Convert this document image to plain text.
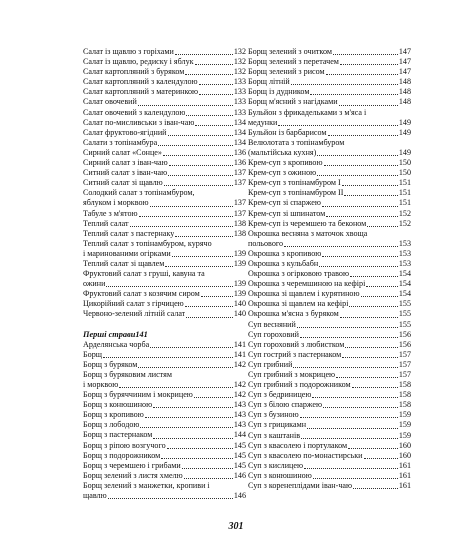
Салат із щавлю з горіхами	132
Салат із щавлю, редиску і яблук	132
Салат картопляний з буряком	132
Салат картопляний з календулою	133
Салат картопляний з материнкою	133
Салат овочевий	133
Салат овочевий з календулою	133
Салат по-мисливськи з іван-чаю	134
Салат фруктово-ягідний	134
Салати з топінамбура	134
Сирний салат «Сонце»	136
Сирний салат з іван-чаю	136
Ситний салат з іван-чаю	137
Ситний салат зі щавлю	137
Солодкий салат з топінамбуром,
яблуком і морквою	137
Табуле з м'ятою	137
Теплий салат	138
Теплий салат з пастернаку	138
Теплий салат з топінамбуром, курячо
і маринованими огірками	139
Теплий салат зі щавлем	139
Фруктовий салат з груші, кавуна та
ожини	139
Фруктовий салат з козячим сиром	139
Цикорійний салат з гірчицею	140
Червоно-зелений літній салат	140
Перші страви 141
Арделянська чорба	141
Борщ	141
Борщ з буряком	142
Борщ з буряковим листям
і морквою	142
Борщ з буряччиним і мокрицею	142
Борщ з конюшиною	143
Борщ з кропивою	143
Борщ з лободою	143
Борщ з пастернаком	144
Борщ з ріпою возгучого	145
Борщ з подорожником	145
Борщ з черемшею і грибами	145
Борщ зелений з листя хмелю	146
Борщ зелений з манжетки, кропиви і
щавлю	146
Борщ зелений з очитком	147
Борщ зелений з перетачем	147
Борщ зелений з рисом	147
Борщ літній	148
Борщ із дудником	148
Борщ м'ясний з нагідками	148
Бульйон з фрикадельками з м'яса і
медунки	149
Бульйон із барбарисом	149
Велюлотата з топінамбуром
(мальтійська кухня)	149
Крем-суп з кропивою	150
Крем-суп з ожиною	150
Крем-суп з топінамбуром I	151
Крем-суп з топінамбуром II	151
Крем-суп зі спаржею	151
Крем-суп зі шпинатом	152
Крем-суп із черемшею та беконом	152
Окрошка весняна з маточок хвоща
польового	153
Окрошка з кропивою	153
Окрошка з кульбабн	153
Окрошка з огірковою травою	154
Окрошка з черемшиною на кефірі	154
Окрошка зі щавлем і курятиною	154
Окрошка зі щавлем на кефірі	155
Окрошка м'ясна з буряком	155
Суп весняний	155
Суп гороховий	156
Суп гороховий з любистком	156
Суп гострий з пастернаком	157
Суп грибний	157
Суп грибний з мокрицею	157
Суп грибний з подорожником	158
Суп з бедриницею	158
Суп з білою спаржею	158
Суп з бузиною	159
Суп з грицикамн	159
Суп з каштанів	159
Суп з квасолею і портулаком	160
Суп з квасолею по-монастирськи	160
Суп з кислицею	161
Суп з конюшиною	161
Суп з коренеплідами іван-чаю	161
301
